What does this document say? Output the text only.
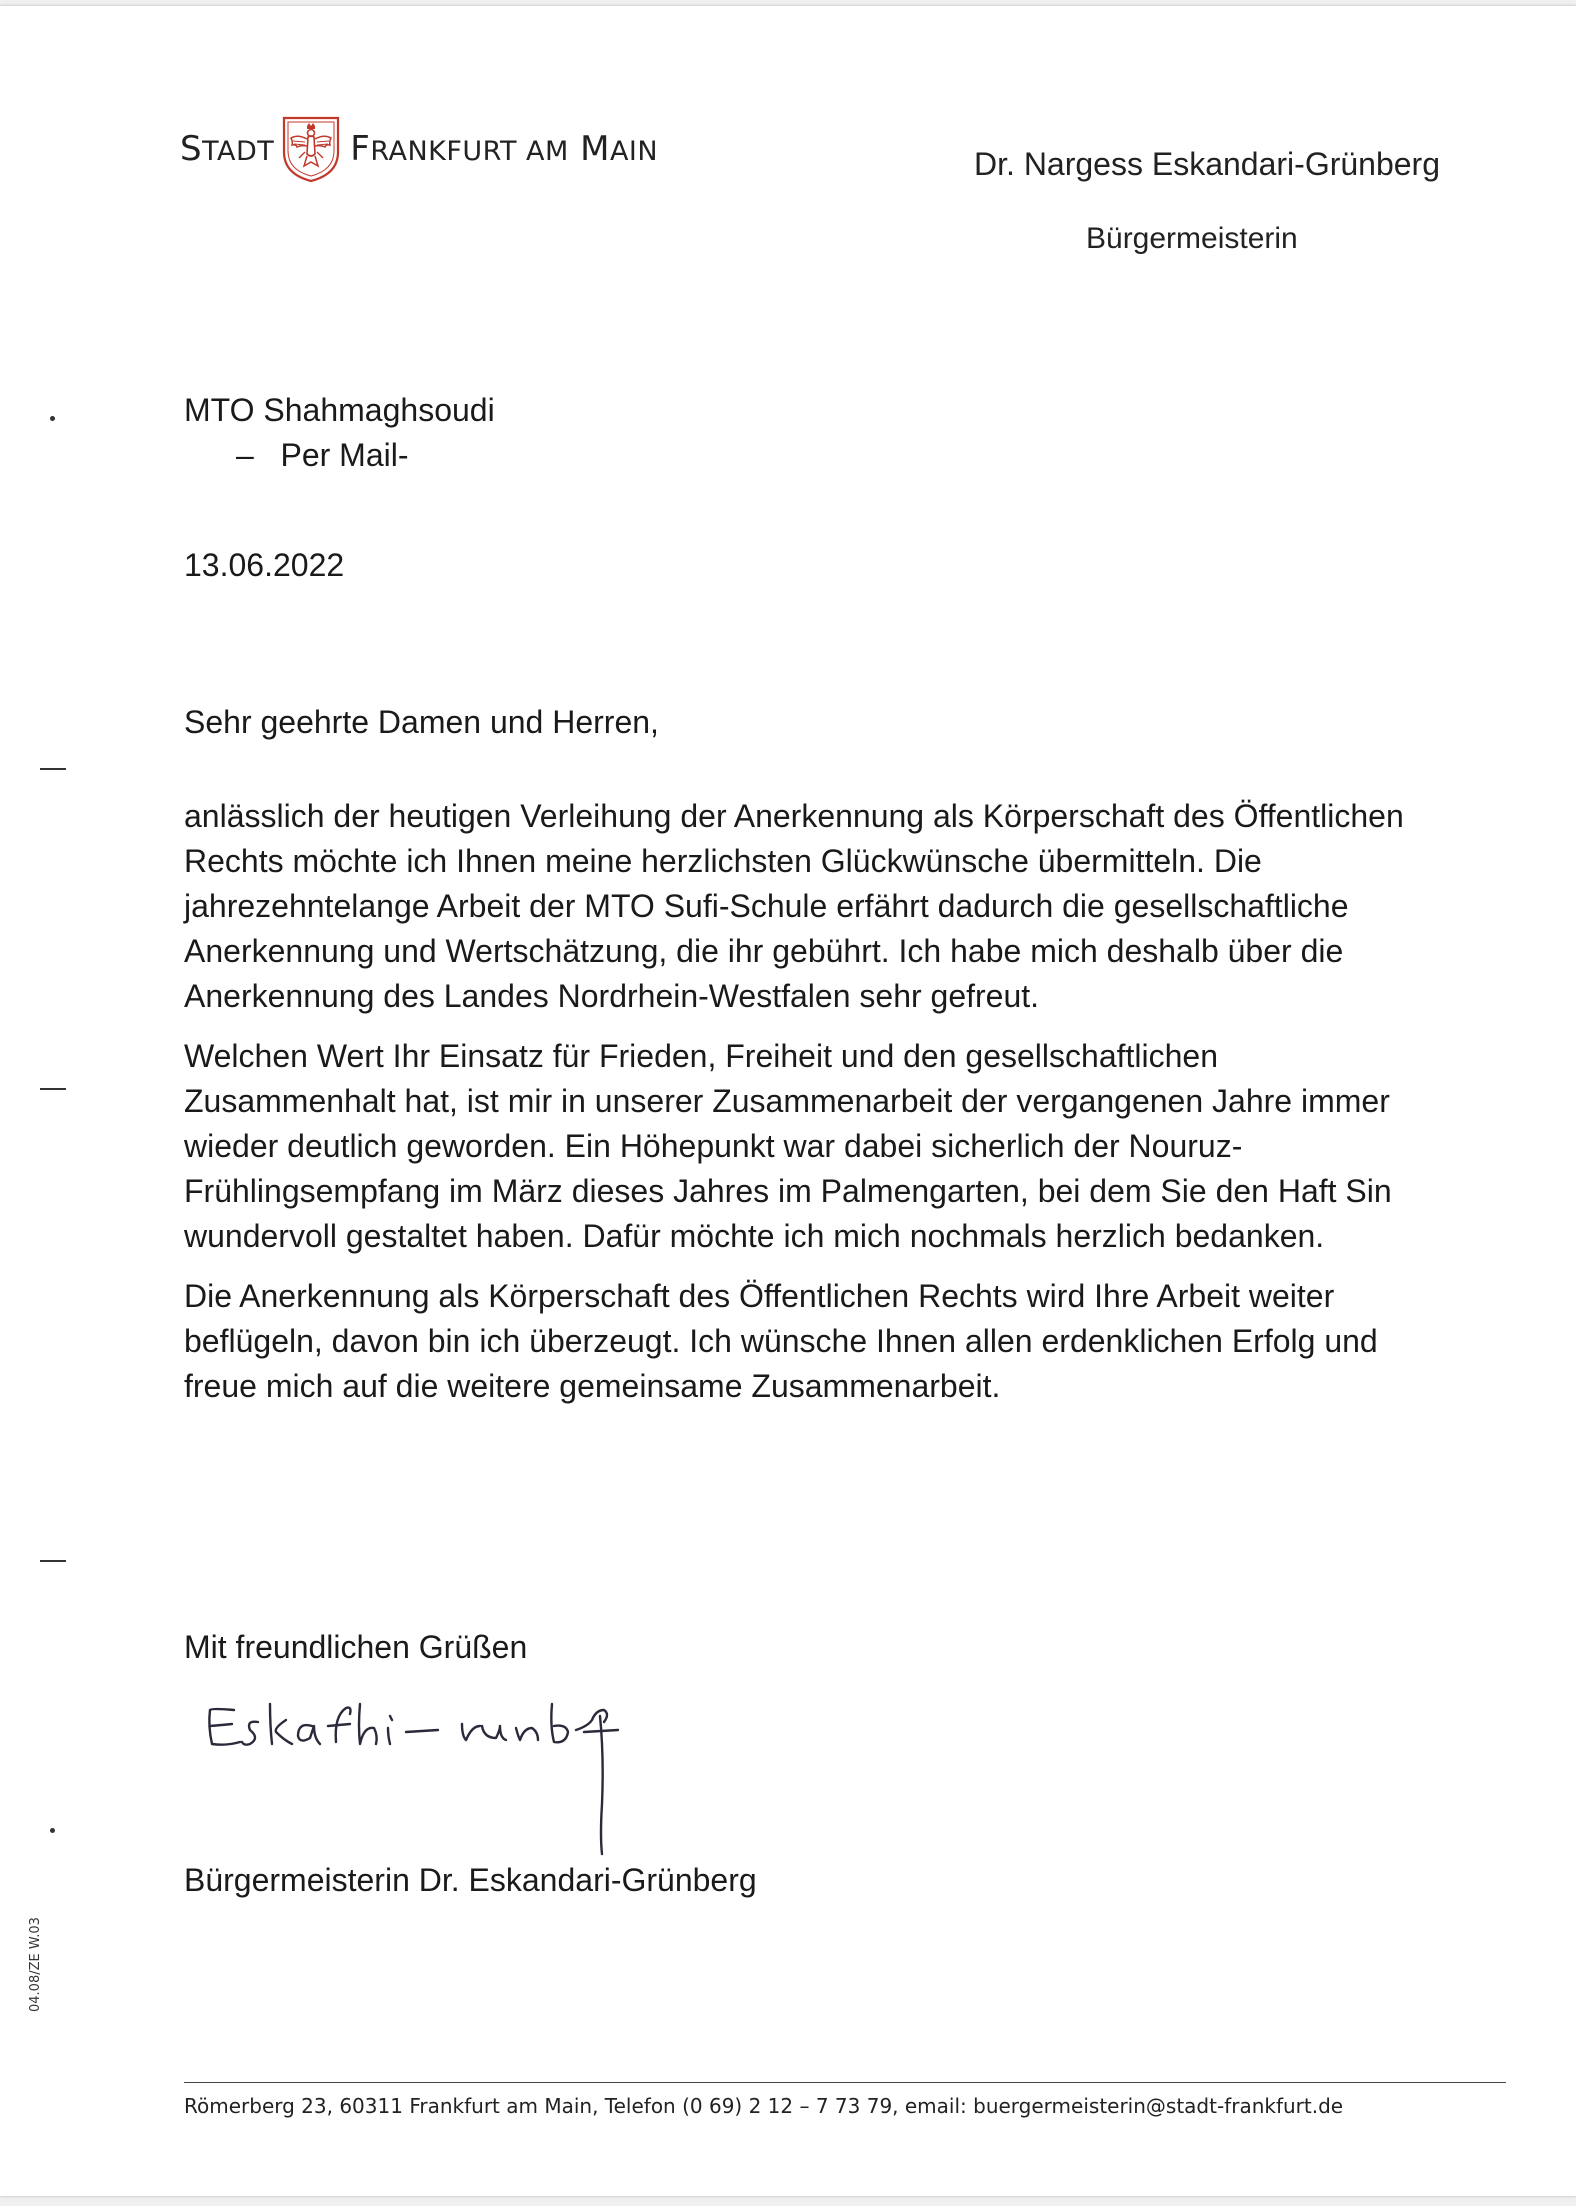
STADT FRANKFURT AM MAIN	Dr. Nargess Eskandari-Grünberg
Bürgermeisterin
MTO Shahmaghsoudi
–   Per Mail-
13.06.2022
Sehr geehrte Damen und Herren,

anlässlich der heutigen Verleihung der Anerkennung als Körperschaft des Öffentlichen Rechts möchte ich Ihnen meine herzlichsten Glückwünsche übermitteln. Die jahrezehntelange Arbeit der MTO Sufi-Schule erfährt dadurch die gesellschaftliche Anerkennung und Wertschätzung, die ihr gebührt. Ich habe mich deshalb über die Anerkennung des Landes Nordrhein-Westfalen sehr gefreut.

Welchen Wert Ihr Einsatz für Frieden, Freiheit und den gesellschaftlichen Zusammenhalt hat, ist mir in unserer Zusammenarbeit der vergangenen Jahre immer wieder deutlich geworden. Ein Höhepunkt war dabei sicherlich der Nouruz-Frühlingsempfang im März dieses Jahres im Palmengarten, bei dem Sie den Haft Sin wundervoll gestaltet haben. Dafür möchte ich mich nochmals herzlich bedanken.

Die Anerkennung als Körperschaft des Öffentlichen Rechts wird Ihre Arbeit weiter beflügeln, davon bin ich überzeugt. Ich wünsche Ihnen allen erdenklichen Erfolg und freue mich auf die weitere gemeinsame Zusammenarbeit.

Mit freundlichen Grüßen
Bürgermeisterin Dr. Eskandari-Grünberg
04.08/ZE W.03
Römerberg 23, 60311 Frankfurt am Main, Telefon (0 69) 2 12 – 7 73 79, email: buergermeisterin@stadt-frankfurt.de
